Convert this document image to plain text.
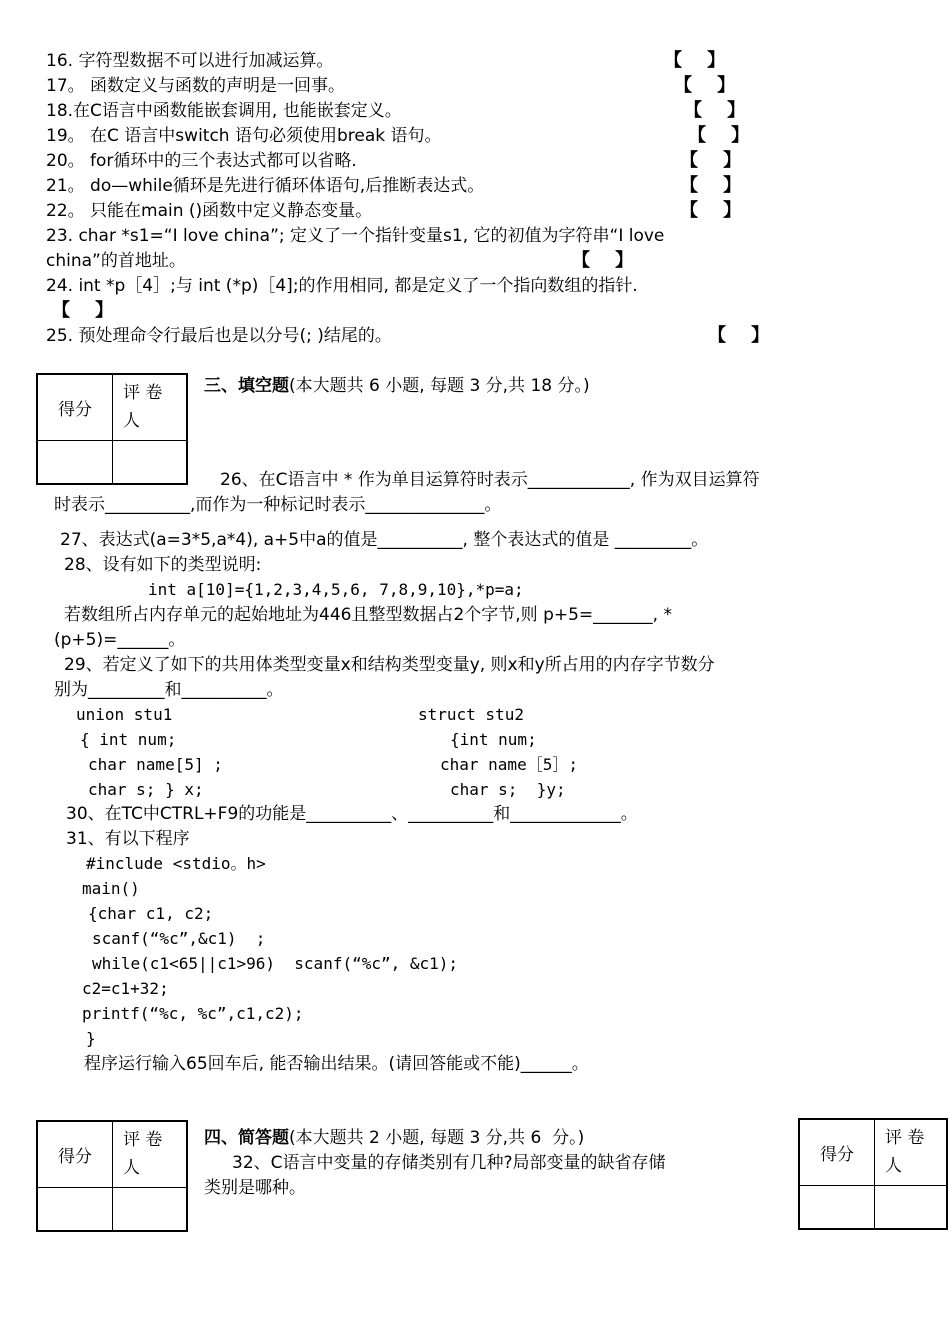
16. 字符型数据不可以进行加减运算。	【    】
17。 函数定义与函数的声明是一回事。	【    】
18.在C语言中函数能嵌套调用, 也能嵌套定义。	【    】
19。 在C 语言中switch 语句必须使用break 语句。	【    】
20。 for循环中的三个表达式都可以省略.	【    】
21。 do—while循环是先进行循环体语句,后推断表达式。	【    】
22。 只能在main ()函数中定义静态变量。	【    】
23. char *s1=“I love china”; 定义了一个指针变量s1, 它的初值为字符串“I love
china”的首地址。	【    】
24. int *p［4］;与 int (*p)［4];的作用相同, 都是定义了一个指向数组的指针.
【    】
25. 预处理命令行最后也是以分号(; )结尾的。	【    】
得分	评 卷
人

三、填空题(本大题共 6 小题, 每题 3 分,共 18 分。)
26、在C语言中 * 作为单目运算符时表示____________, 作为双目运算符
时表示__________,而作为一种标记时表示______________。
27、表达式(a=3*5,a*4), a+5中a的值是__________, 整个表达式的值是 _________。
28、设有如下的类型说明:
int a[10]={1,2,3,4,5,6, 7,8,9,10},*p=a;
若数组所占内存单元的起始地址为446且整型数据占2个字节,则 p+5=_______, *
(p+5)=______。
29、若定义了如下的共用体类型变量x和结构类型变量y, 则x和y所占用的内存字节数分
别为_________和__________。
union stu1
{ int num;
char name[5] ;
char s; } x;
struct stu2
{int num;
char name［5］;
char s;  }y;
30、在TC中CTRL+F9的功能是__________、__________和_____________。
31、有以下程序
#include <stdio。h>
main()
{char c1, c2;
scanf(“%c”,&c1)  ;
while(c1<65||c1>96)  scanf(“%c”, &c1);
c2=c1+32;
printf(“%c, %c”,c1,c2);
}
程序运行输入65回车后, 能否输出结果。(请回答能或不能)______。
得分	评 卷
人

四、简答题(本大题共 2 小题, 每题 3 分,共 6  分。)
32、C语言中变量的存储类别有几种?局部变量的缺省存储
类别是哪种。
得分	评 卷
人
